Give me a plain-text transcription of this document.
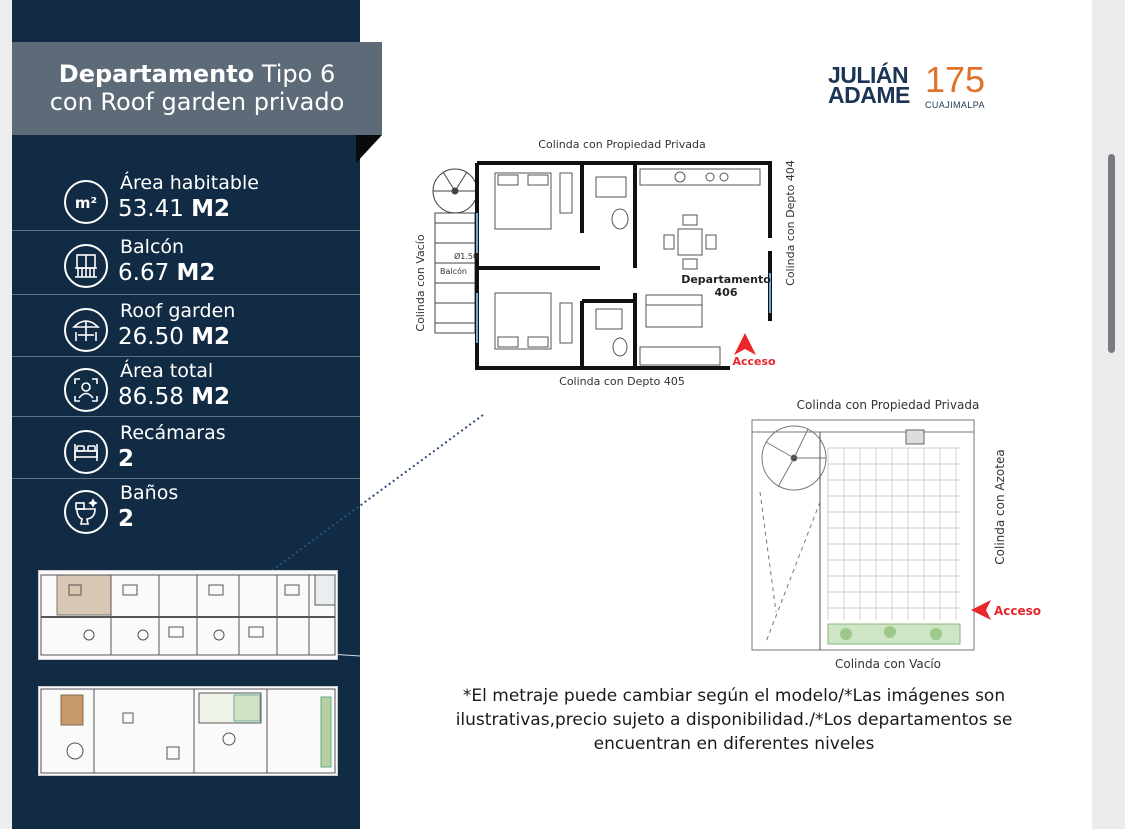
Departamento Tipo 6
con Roof garden privado
m²
Área habitable
53.41 M2
Balcón
6.67 M2
Roof garden
26.50 M2
Área total
86.58 M2
Recámaras
2
Baños
2
JULIÁN
ADAME 175
CUAJIMALPA
Colinda con Propiedad Privada
Colinda con Depto 405
Colinda con Vacío	Colinda con Depto 404
Ø1.50
Balcón
Departamento
406
Acceso
Colinda con Propiedad Privada
Colinda con Vacío
Colinda con Azotea
Acceso
*El metraje puede cambiar según el modelo/*Las imágenes son
ilustrativas,precio sujeto a disponibilidad./*Los departamentos se
encuentran en diferentes niveles
